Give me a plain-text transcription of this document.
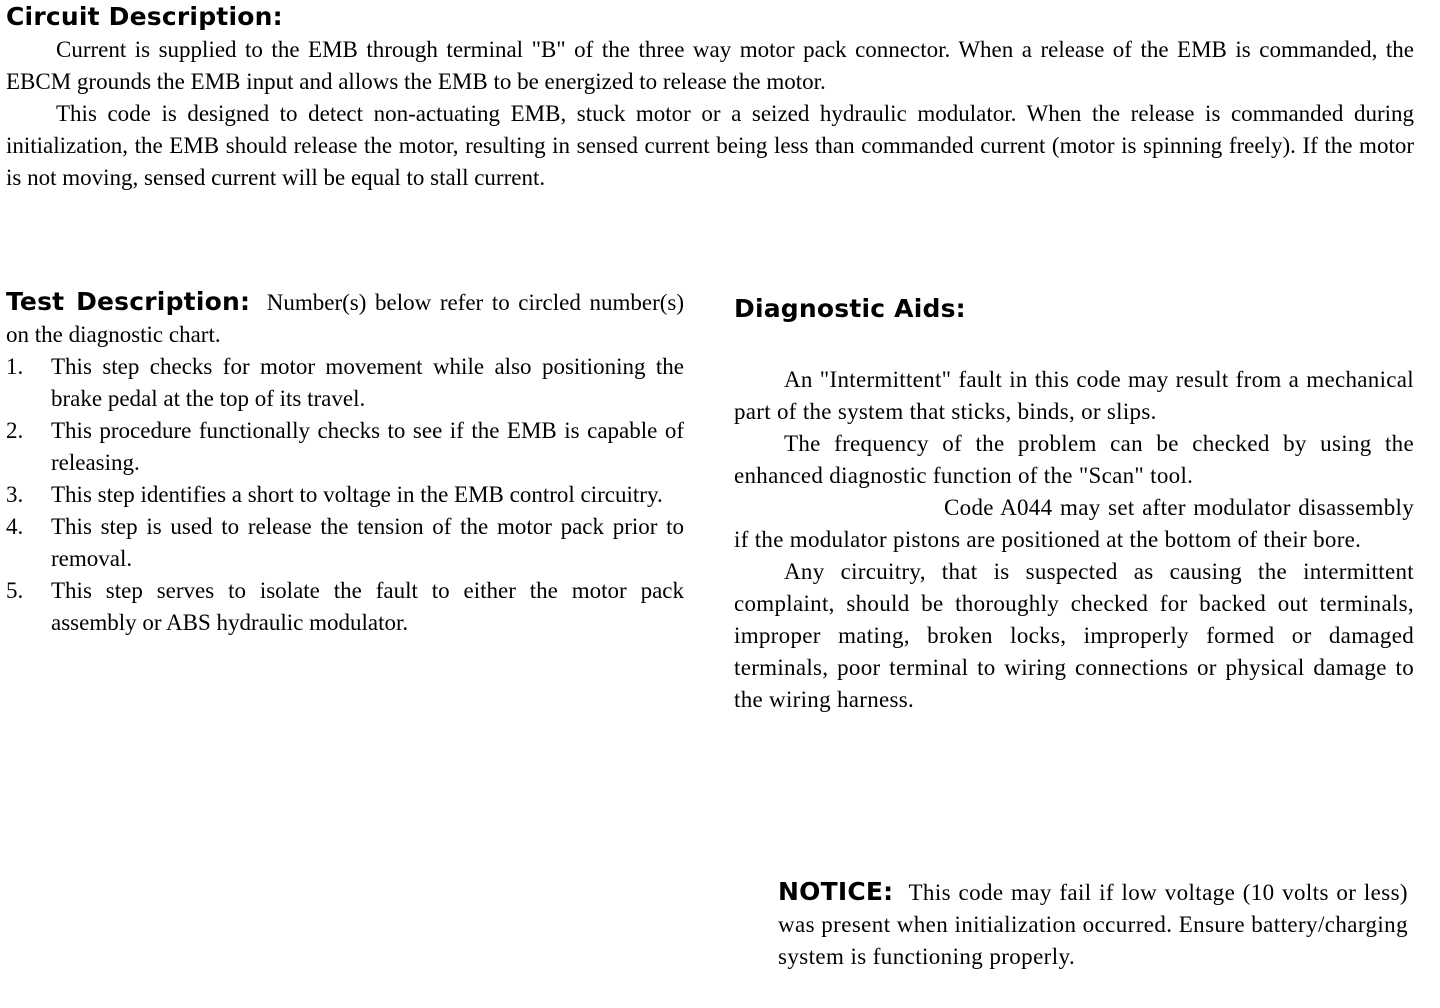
Circuit Description:

Current is supplied to the EMB through terminal "B" of the three way motor pack connector. When a release of the EMB is commanded, the EBCM grounds the EMB input and allows the EMB to be energized to release the motor.

This code is designed to detect non-actuating EMB, stuck motor or a seized hydraulic modulator. When the release is commanded during initialization, the EMB should release the motor, resulting in sensed current being less than commanded current (motor is spinning freely). If the motor is not moving, sensed current will be equal to stall current.

Test Description: Number(s) below refer to circled number(s) on the diagnostic chart.

1. This step checks for motor movement while also positioning the brake pedal at the top of its travel.
2. This procedure functionally checks to see if the EMB is capable of releasing.
3. This step identifies a short to voltage in the EMB control circuitry.
4. This step is used to release the tension of the motor pack prior to removal.
5. This step serves to isolate the fault to either the motor pack assembly or ABS hydraulic modulator.
Diagnostic Aids:

An "Intermittent" fault in this code may result from a mechanical part of the system that sticks, binds, or slips.

The frequency of the problem can be checked by using the enhanced diagnostic function of the "Scan" tool.

Code A044 may set after modulator disassembly if the modulator pistons are positioned at the bottom of their bore.

Any circuitry, that is suspected as causing the intermittent complaint, should be thoroughly checked for backed out terminals, improper mating, broken locks, improperly formed or damaged terminals, poor terminal to wiring connections or physical damage to the wiring harness.

NOTICE: This code may fail if low voltage (10 volts or less) was present when initialization occurred. Ensure battery/charging system is functioning properly.
